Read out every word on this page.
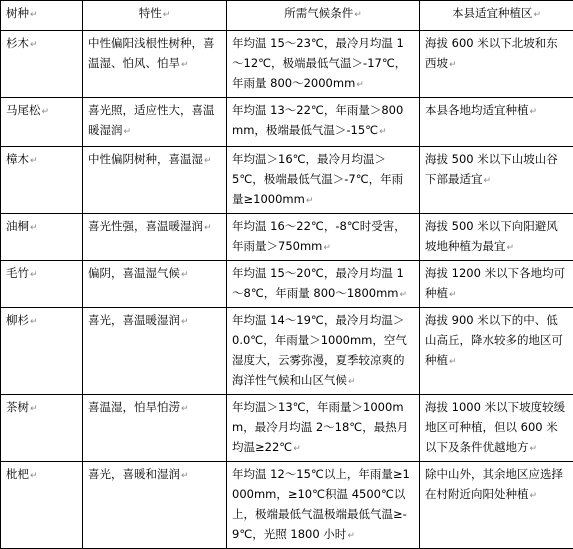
树种↵	特性↵	所需气候条件↵	本县适宜种植区↵
杉木↵	中性偏阳浅根性树种，喜温湿、怕风、怕旱↵	年均温 15～23℃，最冷月均温 1～12℃，极端最低气温＞-17℃，年雨量 800～2000mm↵	海拔 600 米以下北坡和东西坡↵
马尾松↵	喜光照，适应性大，喜温暖湿润↵	年均温 13～22℃，年雨量＞800mm，极端最低气温＞-15℃↵	本县各地均适宜种植↵
樟木↵	中性偏阴树种，喜温湿↵	年均温＞16℃，最冷月均温＞5℃，极端最低气温＞-7℃，年雨量≥1000mm↵	海拔 500 米以下山坡山谷下部最适宜↵
油桐↵	喜光性强，喜温暖湿润↵	年均温 16～22℃，-8℃时受害，年雨量＞750mm↵	海拔 500 米以下向阳避风坡地种植为最宜↵
毛竹↵	偏阴，喜温湿气候↵	年均温 15～20℃，最冷月均温 1～8℃，年雨量 800～1800mm↵	海拔 1200 米以下各地均可种植↵
柳杉↵	喜光，喜温暖湿润↵	年均温 14～19℃，最冷月均温＞0.0℃，年雨量＞1000mm，空气湿度大，云雾弥漫，夏季较凉爽的海洋性气候和山区气候↵	海拔 900 米以下的中、低山高丘，降水较多的地区可种植↵
茶树↵	喜温湿，怕旱怕涝↵	年均温＞13℃，年雨量＞1000mm，最冷月均温 2～18℃，最热月均温≥22℃↵	海拔 1000 米以下坡度较缓地区可种植，但以 600 米以下及条件优越地方↵
枇杷↵	喜光，喜暖和湿润↵	年均温 12～15℃以上，年雨量≥1000mm，≥10℃积温 4500℃以上，极端最低气温极端最低气温≥-9℃，光照 1800 小时↵	除中山外，其余地区应选择在村附近向阳处种植↵
